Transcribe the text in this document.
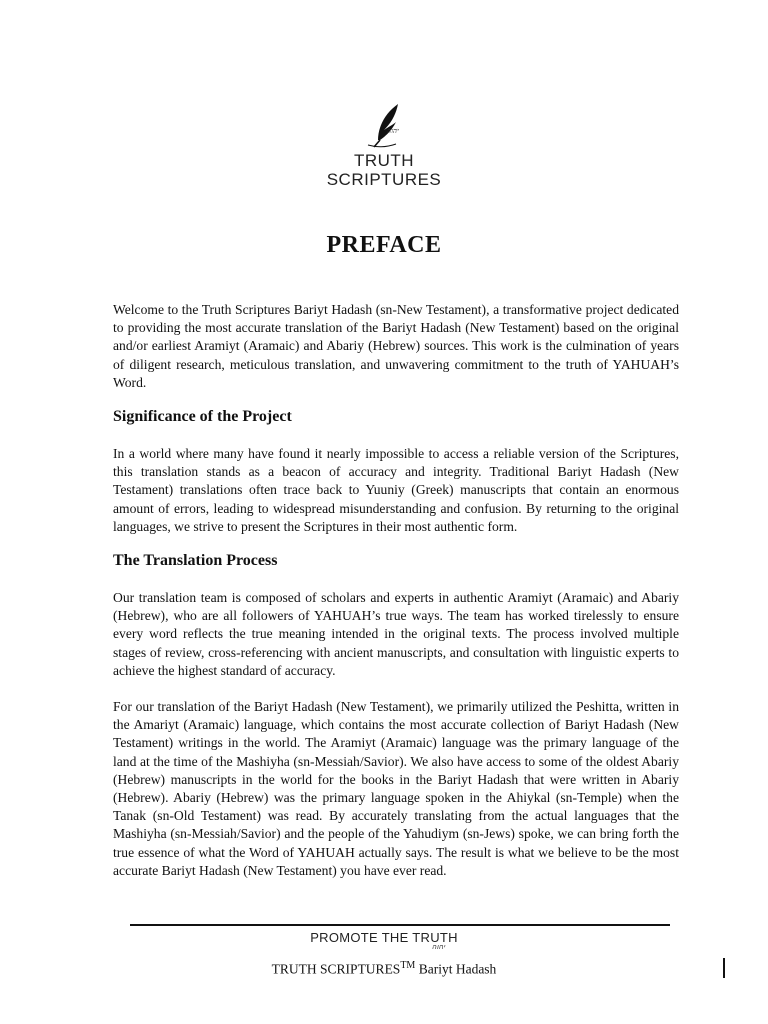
יהוה
TRUTH
SCRIPTURES
PREFACE

Welcome to the Truth Scriptures Bariyt Hadash (sn-New Testament), a transformative project dedicated to providing the most accurate translation of the Bariyt Hadash (New Testament) based on the original and/or earliest Aramiyt (Aramaic) and Abariy (Hebrew) sources. This work is the culmination of years of diligent research, meticulous translation, and unwavering commitment to the truth of YAHUAH’s Word.

Significance of the Project

In a world where many have found it nearly impossible to access a reliable version of the Scriptures, this translation stands as a beacon of accuracy and integrity. Traditional Bariyt Hadash (New Testament) translations often trace back to Yuuniy (Greek) manuscripts that contain an enormous amount of errors, leading to widespread misunderstanding and confusion. By returning to the original languages, we strive to present the Scriptures in their most authentic form.

The Translation Process

Our translation team is composed of scholars and experts in authentic Aramiyt (Aramaic) and Abariy (Hebrew), who are all followers of YAHUAH’s true ways. The team has worked tirelessly to ensure every word reflects the true meaning intended in the original texts. The process involved multiple stages of review, cross-referencing with ancient manuscripts, and consultation with linguistic experts to achieve the highest standard of accuracy.

For our translation of the Bariyt Hadash (New Testament), we primarily utilized the Peshitta, written in the Amariyt (Aramaic) language, which contains the most accurate collection of Bariyt Hadash (New Testament) writings in the world. The Aramiyt (Aramaic) language was the primary language of the land at the time of the Mashiyha (sn-Messiah/Savior). We also have access to some of the oldest Abariy (Hebrew) manuscripts in the world for the books in the Bariyt Hadash that were written in Abariy (Hebrew). Abariy (Hebrew) was the primary language spoken in the Ahiykal (sn-Temple) when the Tanak (sn-Old Testament) was read. By accurately translating from the actual languages that the Mashiyha (sn-Messiah/Savior) and the people of the Yahudiym (sn-Jews) spoke, we can bring forth the true essence of what the Word of YAHUAH actually says. The result is what we believe to be the most accurate Bariyt Hadash (New Testament) you have ever read.

PROMOTE THE TRUTH
יהוה
TRUTH SCRIPTURES™ Bariyt Hadash
